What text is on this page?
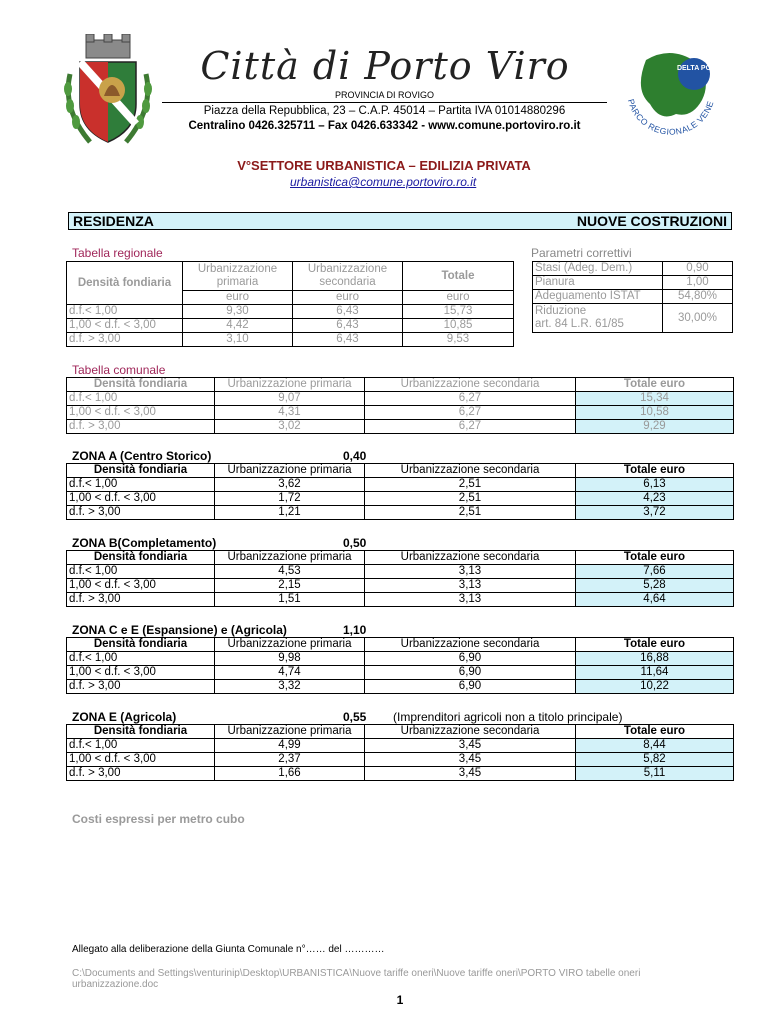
Città di Porto Viro
PROVINCIA DI ROVIGO
Piazza della Repubblica, 23 – C.A.P. 45014 – Partita IVA 01014880296
Centralino 0426.325711 – Fax 0426.633342 - www.comune.portoviro.ro.it
DELTA PO
PARCO REGIONALE VENE
V°SETTORE URBANISTICA – EDILIZIA PRIVATA
urbanistica@comune.portoviro.ro.it
RESIDENZA	NUOVE COSTRUZIONI
Tabella regionale
Densità fondiaria	Urbanizzazione primaria	Urbanizzazione secondaria	Totale
	euro	euro	euro
d.f.< 1,00	9,30	6,43	15,73
1,00 < d.f. < 3,00	4,42	6,43	10,85
d.f. > 3,00	3,10	6,43	9,53
Parametri correttivi
Stasi (Adeg. Dem.)	0,90
Pianura	1,00
Adeguamento ISTAT	54,80%

Riduzione
art. 84 L.R. 61/85	30,00%
Tabella comunale
Densità fondiaria	Urbanizzazione primaria	Urbanizzazione secondaria	Totale euro
d.f.< 1,00	9,07	6,27	15,34
1,00 < d.f. < 3,00	4,31	6,27	10,58
d.f. > 3,00	3,02	6,27	9,29
ZONA A (Centro Storico)	0,40
Densità fondiaria	Urbanizzazione primaria	Urbanizzazione secondaria	Totale euro
d.f.< 1,00	3,62	2,51	6,13
1,00 < d.f. < 3,00	1,72	2,51	4,23
d.f. > 3,00	1,21	2,51	3,72
ZONA B(Completamento)	0,50
Densità fondiaria	Urbanizzazione primaria	Urbanizzazione secondaria	Totale euro
d.f.< 1,00	4,53	3,13	7,66
1,00 < d.f. < 3,00	2,15	3,13	5,28
d.f. > 3,00	1,51	3,13	4,64
ZONA C e E (Espansione) e (Agricola)	1,10
Densità fondiaria	Urbanizzazione primaria	Urbanizzazione secondaria	Totale euro
d.f.< 1,00	9,98	6,90	16,88
1,00 < d.f. < 3,00	4,74	6,90	11,64
d.f. > 3,00	3,32	6,90	10,22
ZONA E (Agricola)	0,55 (Imprenditori agricoli non a titolo principale)
Densità fondiaria	Urbanizzazione primaria	Urbanizzazione secondaria	Totale euro
d.f.< 1,00	4,99	3,45	8,44
1,00 < d.f. < 3,00	2,37	3,45	5,82
d.f. > 3,00	1,66	3,45	5,11
Costi espressi per metro cubo
Allegato alla deliberazione della Giunta Comunale n°…… del …………
C:\Documents and Settings\venturinip\Desktop\URBANISTICA\Nuove tariffe oneri\Nuove tariffe oneri\PORTO VIRO tabelle oneri urbanizzazione.doc
1
